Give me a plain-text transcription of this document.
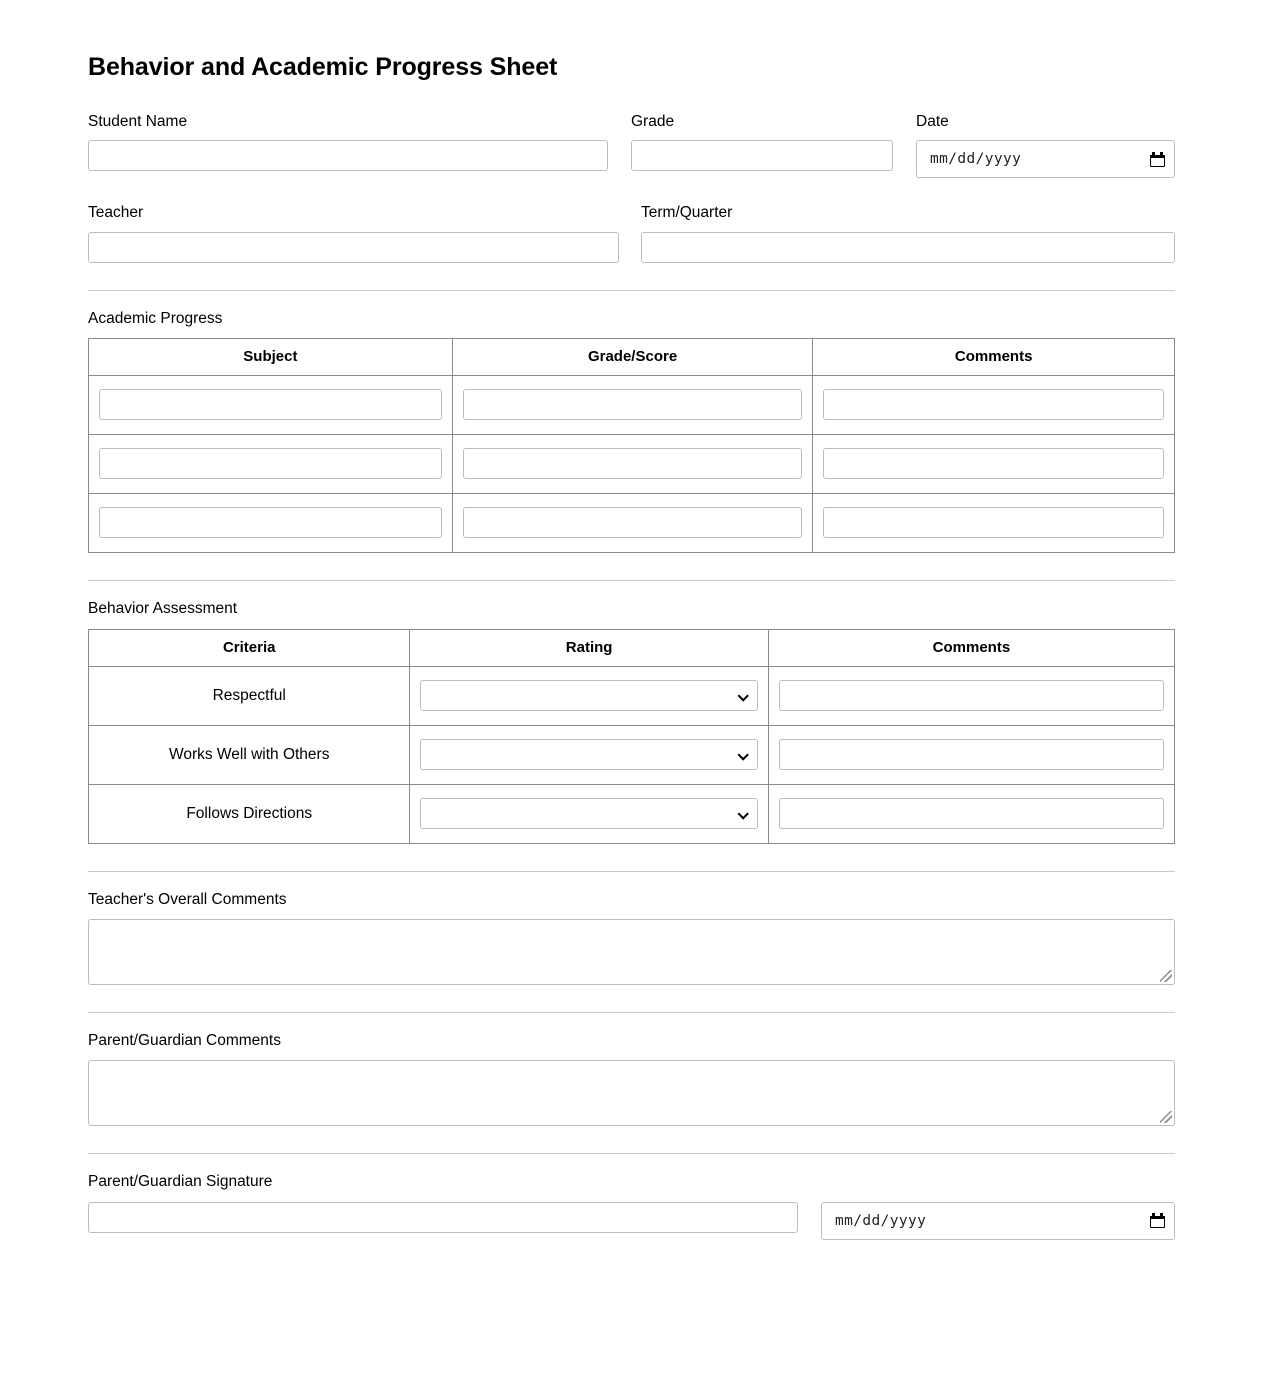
Behavior and Academic Progress Sheet
Student Name	Grade	Date
mm/dd/yyyy
Teacher	Term/Quarter
Academic Progress
Subject	Grade/Score	Comments

Behavior Assessment
Criteria	Rating	Comments
Respectful	

Works Well with Others	

Follows Directions	

Teacher's Overall Comments
Parent/Guardian Comments
Parent/Guardian Signature
mm/dd/yyyy
